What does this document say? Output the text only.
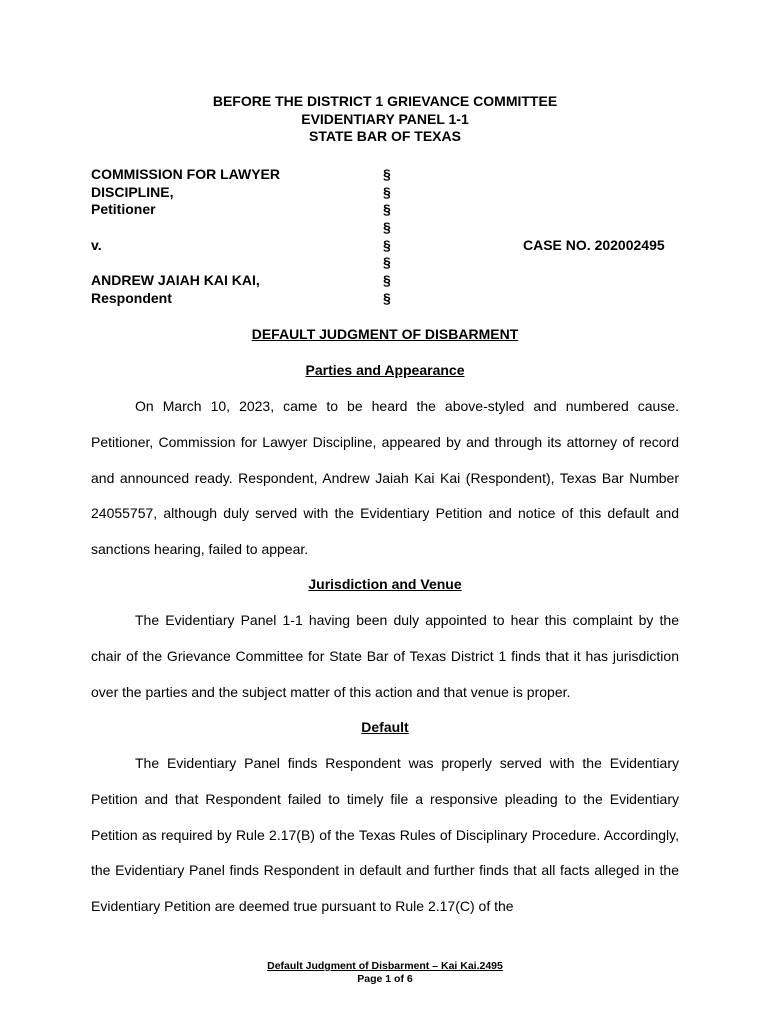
BEFORE THE DISTRICT 1 GRIEVANCE COMMITTEE
EVIDENTIARY PANEL 1-1
STATE BAR OF TEXAS
COMMISSION FOR LAWYER
DISCIPLINE,
Petitioner
v.
ANDREW JAIAH KAI KAI,
Respondent
§
§
§
§
§
§
§
§
CASE NO. 202002495
DEFAULT JUDGMENT OF DISBARMENT
Parties and Appearance

On March 10, 2023, came to be heard the above-styled and numbered cause. Petitioner, Commission for Lawyer Discipline, appeared by and through its attorney of record and announced ready. Respondent, Andrew Jaiah Kai Kai (Respondent), Texas Bar Number 24055757, although duly served with the Evidentiary Petition and notice of this default and sanctions hearing, failed to appear.

Jurisdiction and Venue

The Evidentiary Panel 1-1 having been duly appointed to hear this complaint by the chair of the Grievance Committee for State Bar of Texas District 1 finds that it has jurisdiction over the parties and the subject matter of this action and that venue is proper.

Default

The Evidentiary Panel finds Respondent was properly served with the Evidentiary Petition and that Respondent failed to timely file a responsive pleading to the Evidentiary Petition as required by Rule 2.17(B) of the Texas Rules of Disciplinary Procedure. Accordingly, the Evidentiary Panel finds Respondent in default and further finds that all facts alleged in the Evidentiary Petition are deemed true pursuant to Rule 2.17(C) of the

Default Judgment of Disbarment – Kai Kai.2495
Page 1 of 6
